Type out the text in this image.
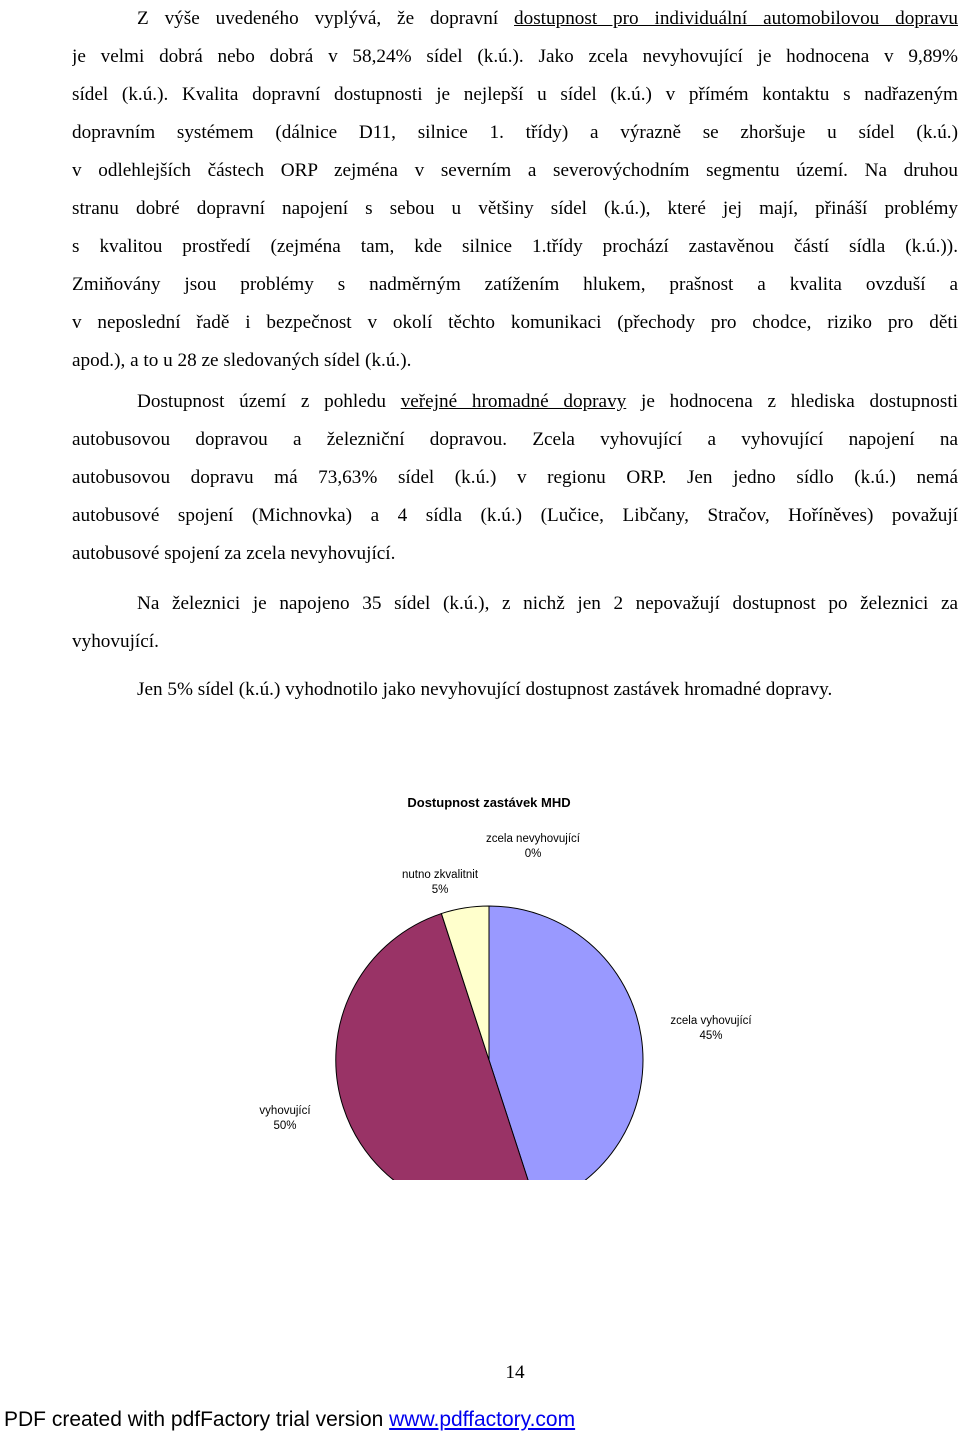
Z výše uvedeného vyplývá, že dopravní dostupnost pro individuální automobilovou dopravu
je velmi dobrá nebo dobrá v 58,24% sídel (k.ú.). Jako zcela nevyhovující je hodnocena v 9,89%
sídel (k.ú.). Kvalita dopravní dostupnosti je nejlepší u sídel (k.ú.) v přímém kontaktu s nadřazeným
dopravním systémem (dálnice D11, silnice 1. třídy) a výrazně se zhoršuje u sídel (k.ú.)
v odlehlejších částech ORP zejména v severním a severovýchodním segmentu území. Na druhou
stranu dobré dopravní napojení s sebou u většiny sídel (k.ú.), které jej mají, přináší problémy
s kvalitou prostředí (zejména tam, kde silnice 1.třídy prochází zastavěnou částí sídla (k.ú.)).
Zmiňovány jsou problémy s nadměrným zatížením hlukem, prašnost a kvalita ovzduší a
v neposlední řadě i bezpečnost v okolí těchto komunikaci (přechody pro chodce, riziko pro děti
apod.), a to u 28 ze sledovaných sídel (k.ú.).
Dostupnost území z pohledu veřejné hromadné dopravy je hodnocena z hlediska dostupnosti
autobusovou dopravou a železniční dopravou. Zcela vyhovující a vyhovující napojení na
autobusovou dopravu má 73,63% sídel (k.ú.) v regionu ORP. Jen jedno sídlo (k.ú.) nemá
autobusové spojení (Michnovka) a 4 sídla (k.ú.) (Lučice, Libčany, Stračov, Hoříněves) považují
autobusové spojení za zcela nevyhovující.
Na železnici je napojeno 35 sídel (k.ú.), z nichž jen 2 nepovažují dostupnost po železnici za
vyhovující.
Jen 5% sídel (k.ú.) vyhodnotilo jako nevyhovující dostupnost zastávek hromadné dopravy.
Dostupnost zastávek MHD
zcela vyhovující 45%
vyhovující 50%
nutno zkvalitnit 5%
zcela nevyhovující 0%
14
PDF created with pdfFactory trial version www.pdffactory.com
